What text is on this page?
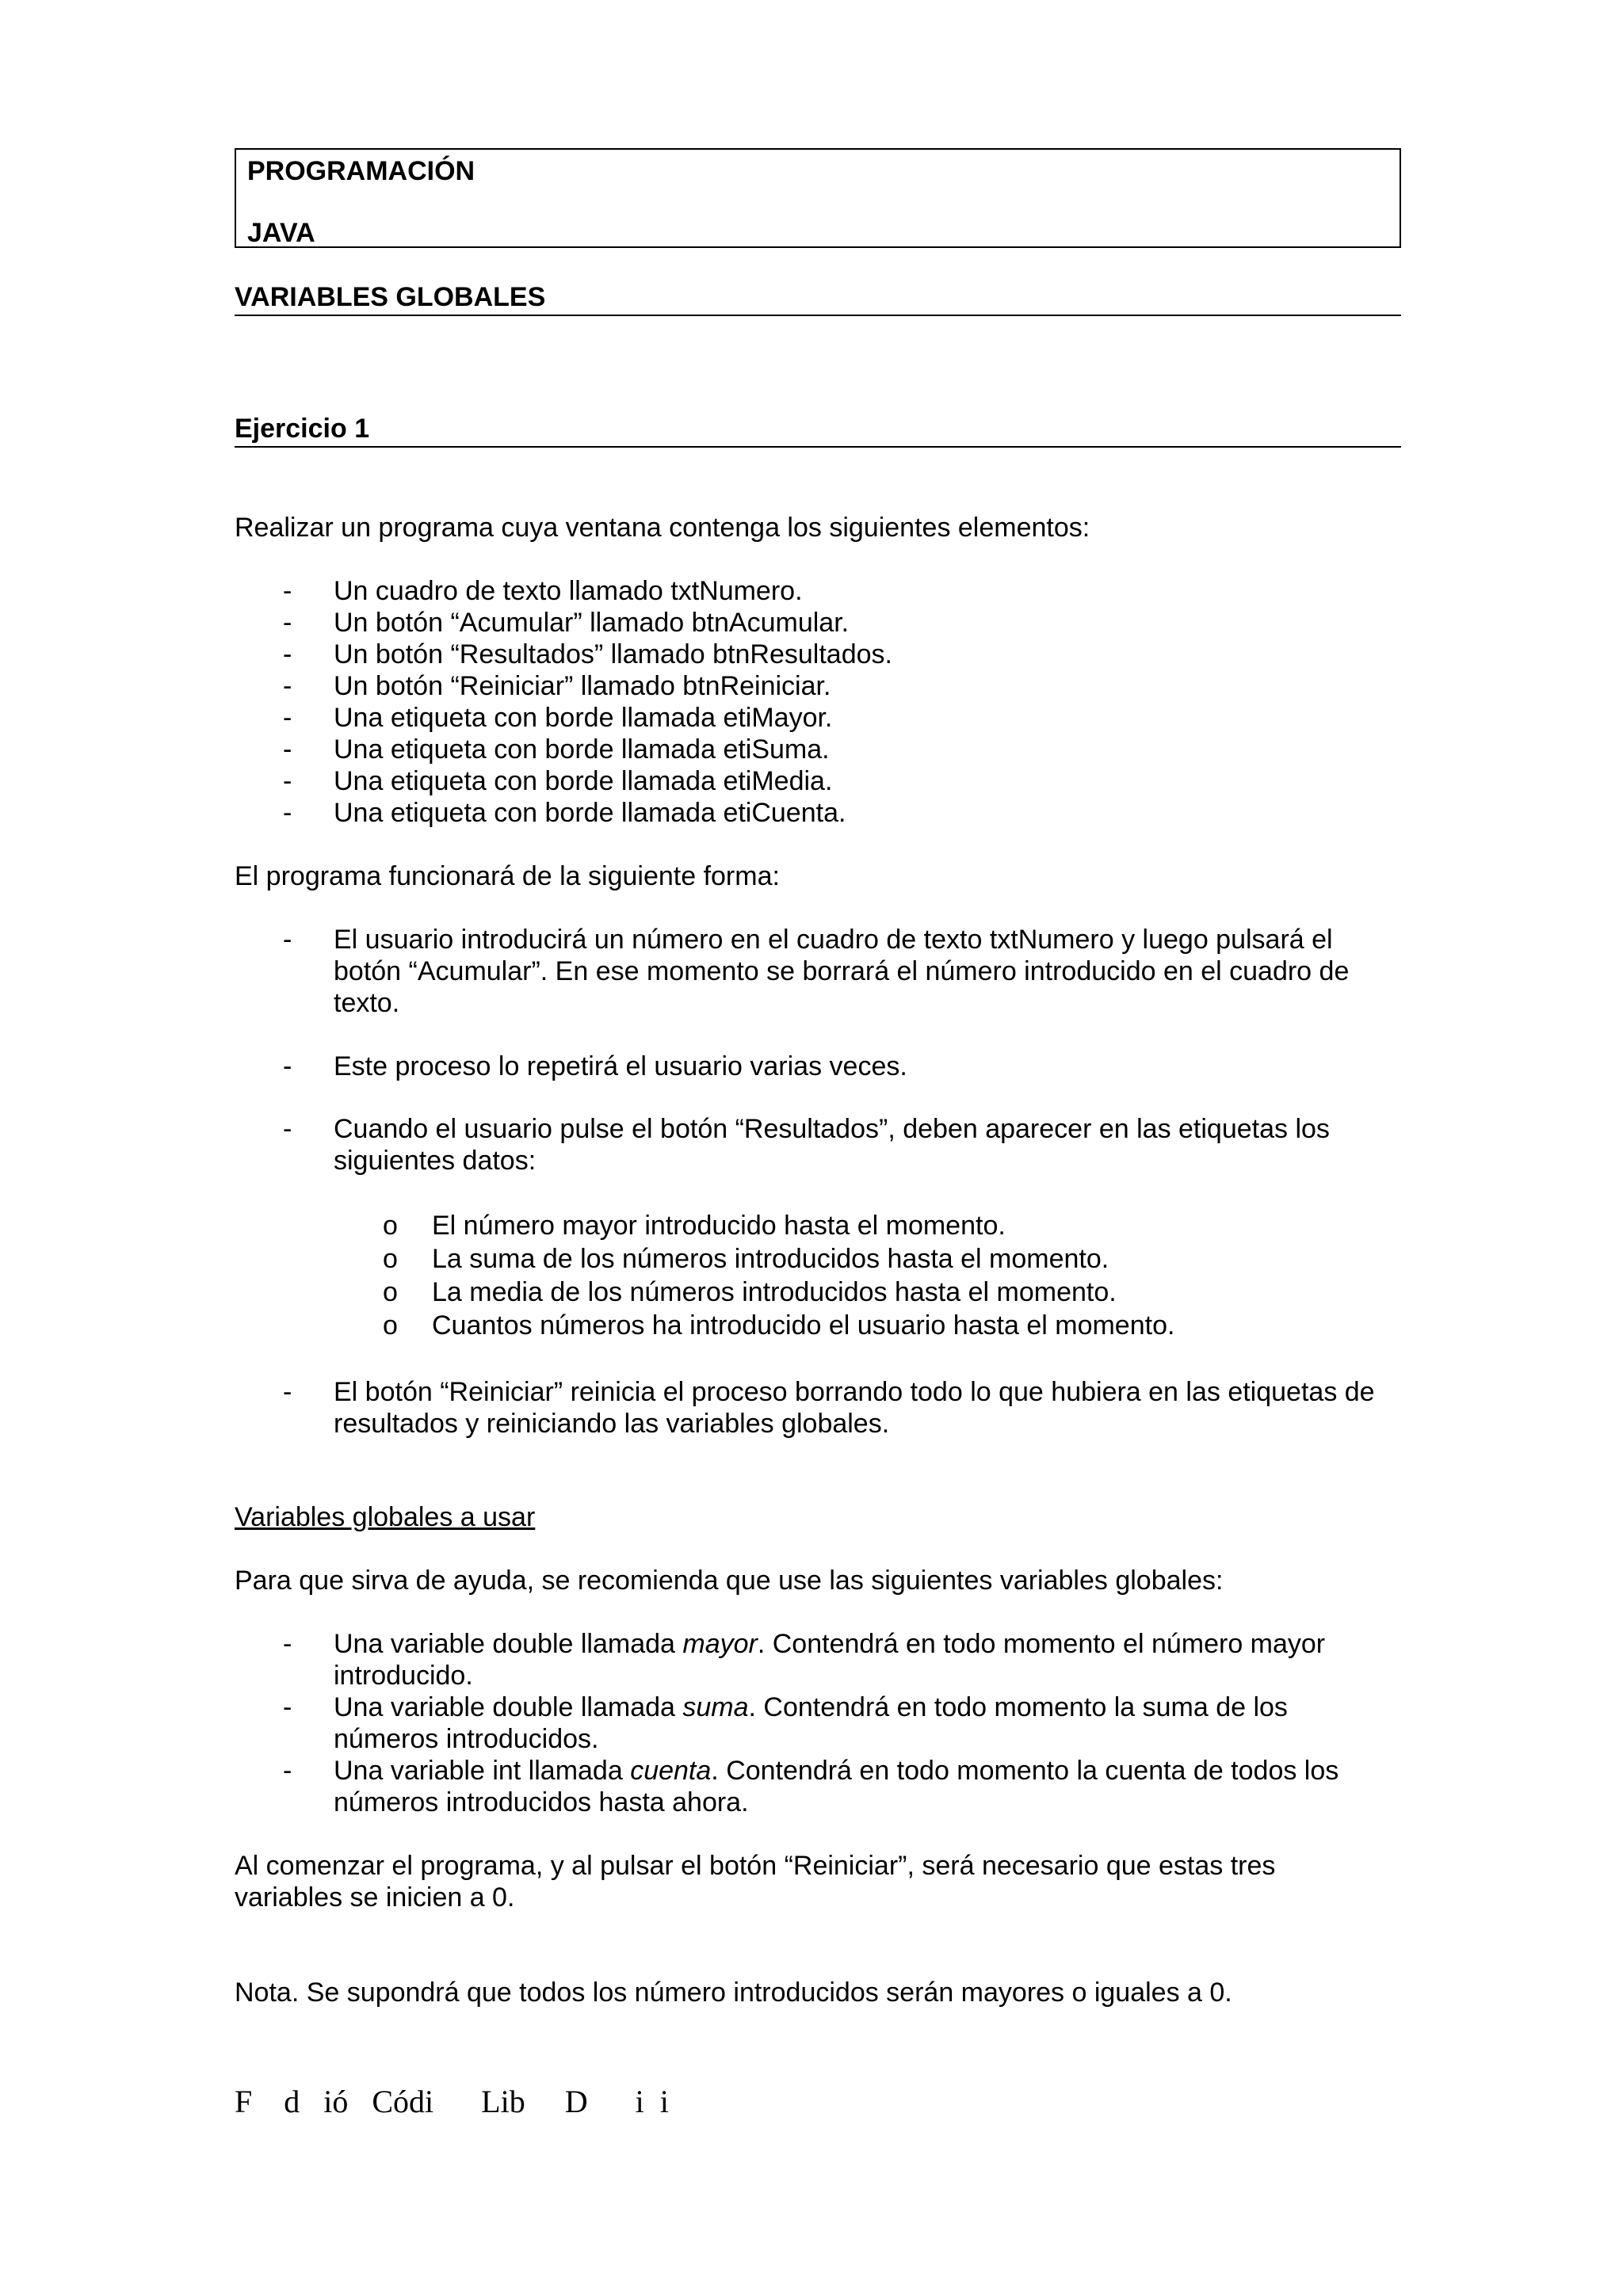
PROGRAMACIÓN
JAVA
VARIABLES GLOBALES
Ejercicio 1
Realizar un programa cuya ventana contenga los siguientes elementos:
- Un cuadro de texto llamado txtNumero.
- Un botón “Acumular” llamado btnAcumular.
- Un botón “Resultados” llamado btnResultados.
- Un botón “Reiniciar” llamado btnReiniciar.
- Una etiqueta con borde llamada etiMayor.
- Una etiqueta con borde llamada etiSuma.
- Una etiqueta con borde llamada etiMedia.
- Una etiqueta con borde llamada etiCuenta.
El programa funcionará de la siguiente forma:
- El usuario introducirá un número en el cuadro de texto txtNumero y luego pulsará el
botón “Acumular”. En ese momento se borrará el número introducido en el cuadro de
texto.
- Este proceso lo repetirá el usuario varias veces.
- Cuando el usuario pulse el botón “Resultados”, deben aparecer en las etiquetas los
siguientes datos:
o El número mayor introducido hasta el momento.
o La suma de los números introducidos hasta el momento.
o La media de los números introducidos hasta el momento.
o Cuantos números ha introducido el usuario hasta el momento.
- El botón “Reiniciar” reinicia el proceso borrando todo lo que hubiera en las etiquetas de
resultados y reiniciando las variables globales.
Variables globales a usar
Para que sirva de ayuda, se recomienda que use las siguientes variables globales:
- Una variable double llamada mayor. Contendrá en todo momento el número mayor
introducido.
- Una variable double llamada suma. Contendrá en todo momento la suma de los
números introducidos.
- Una variable int llamada cuenta. Contendrá en todo momento la cuenta de todos los
números introducidos hasta ahora.
Al comenzar el programa, y al pulsar el botón “Reiniciar”, será necesario que estas tres
variables se inicien a 0.
Nota. Se supondrá que todos los número introducidos serán mayores o iguales a 0.
F    d   ió   Códi      Lib     D      i  i
